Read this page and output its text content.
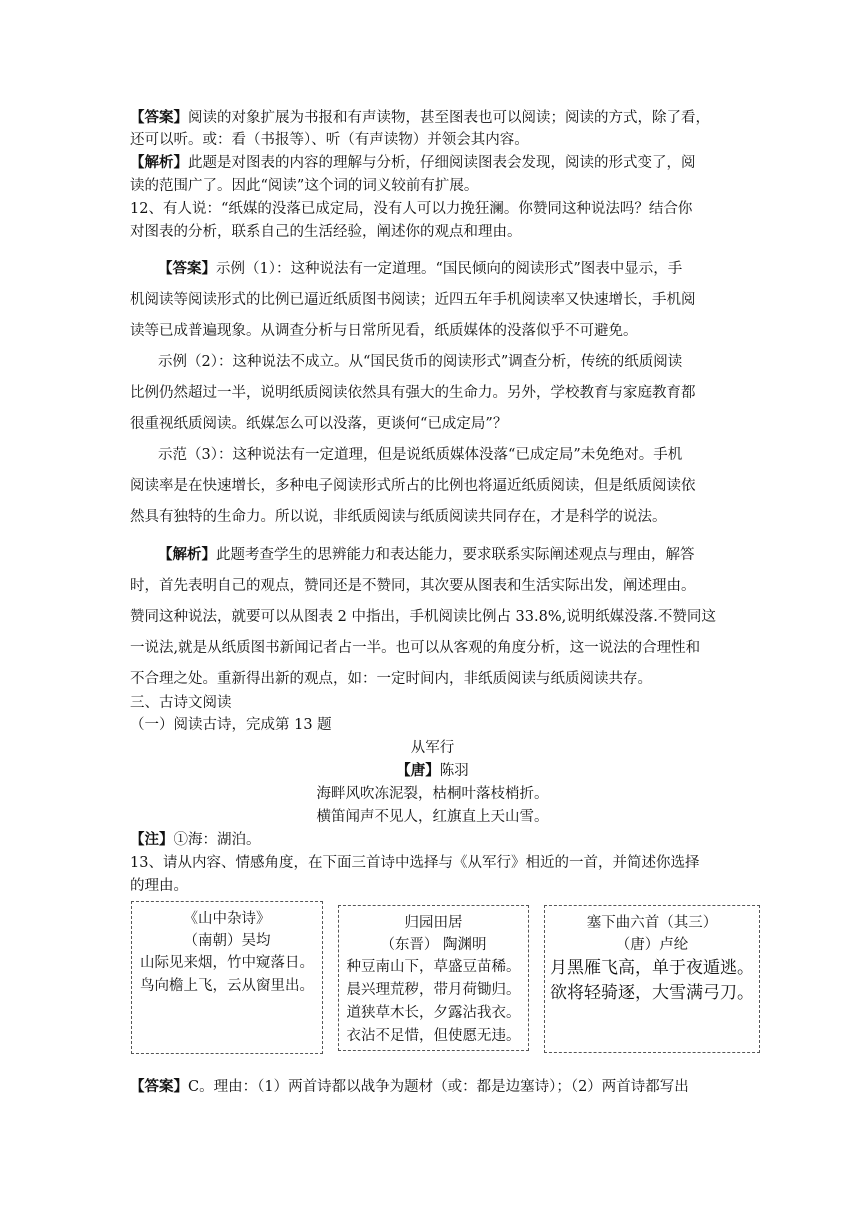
【答案】阅读的对象扩展为书报和有声读物，甚至图表也可以阅读；阅读的方式，除了看，
还可以听。或：看（书报等）、听（有声读物）并领会其内容。
【解析】此题是对图表的内容的理解与分析，仔细阅读图表会发现，阅读的形式变了，阅
读的范围广了。因此“阅读”这个词的词义较前有扩展。
12、有人说：“纸媒的没落已成定局，没有人可以力挽狂澜。你赞同这种说法吗？结合你
对图表的分析，联系自己的生活经验，阐述你的观点和理由。
【答案】示例（1）：这种说法有一定道理。“国民倾向的阅读形式”图表中显示，手
机阅读等阅读形式的比例已逼近纸质图书阅读；近四五年手机阅读率又快速增长，手机阅
读等已成普遍现象。从调查分析与日常所见看，纸质媒体的没落似乎不可避免。
示例（2）：这种说法不成立。从“国民货币的阅读形式”调查分析，传统的纸质阅读
比例仍然超过一半，说明纸质阅读依然具有强大的生命力。另外，学校教育与家庭教育都
很重视纸质阅读。纸媒怎么可以没落，更谈何“已成定局”？
示范（3）：这种说法有一定道理，但是说纸质媒体没落“已成定局”未免绝对。手机
阅读率是在快速增长，多种电子阅读形式所占的比例也将逼近纸质阅读，但是纸质阅读依
然具有独特的生命力。所以说，非纸质阅读与纸质阅读共同存在，才是科学的说法。
【解析】此题考查学生的思辨能力和表达能力，要求联系实际阐述观点与理由，解答
时，首先表明自己的观点，赞同还是不赞同，其次要从图表和生活实际出发，阐述理由。
赞同这种说法，就要可以从图表 2 中指出，手机阅读比例占 33.8%,说明纸媒没落.不赞同这
一说法,就是从纸质图书新闻记者占一半。也可以从客观的角度分析，这一说法的合理性和
不合理之处。重新得出新的观点，如：一定时间内，非纸质阅读与纸质阅读共存。
三、古诗文阅读
（一）阅读古诗，完成第 13 题
从军行
【唐】陈羽
海畔风吹冻泥裂，枯桐叶落枝梢折。
横笛闻声不见人，红旗直上天山雪。
【注】①海：湖泊。
13、请从内容、情感角度，在下面三首诗中选择与《从军行》相近的一首，并简述你选择
的理由。
《山中杂诗》
（南朝）吴均
山际见来烟，竹中窥落日。
鸟向檐上飞，云从窗里出。
归园田居
（东晋） 陶渊明
种豆南山下，草盛豆苗稀。
晨兴理荒秽，带月荷锄归。
道狭草木长，夕露沾我衣。
衣沾不足惜，但使愿无违。
塞下曲六首（其三）
（唐）卢纶
月黑雁飞高，单于夜遁逃。
欲将轻骑逐，大雪满弓刀。
【答案】C。理由：（1）两首诗都以战争为题材（或：都是边塞诗）；（2）两首诗都写出
